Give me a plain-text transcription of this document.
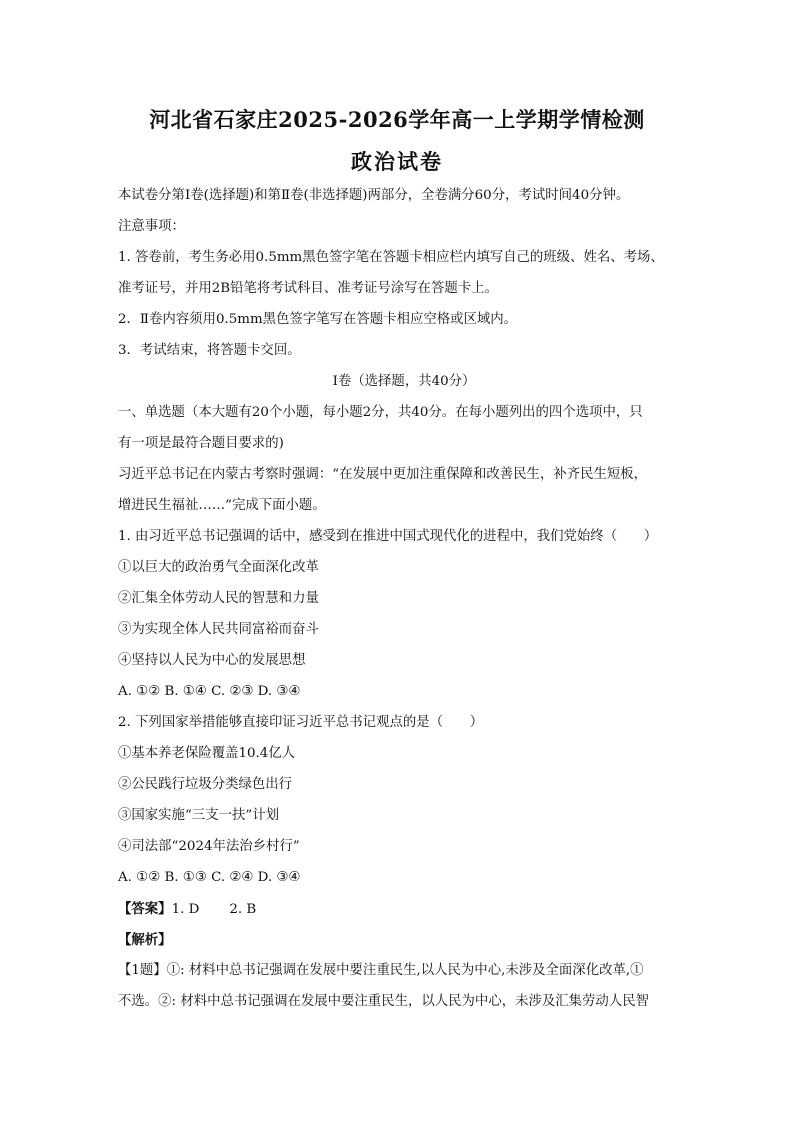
河北省石家庄2025-2026学年高一上学期学情检测
政治试卷
本试卷分第Ⅰ卷(选择题)和第Ⅱ卷(非选择题)两部分，全卷满分60分，考试时间40分钟。
注意事项：
1. 答卷前，考生务必用0.5mm黑色签字笔在答题卡相应栏内填写自己的班级、姓名、考场、
准考证号，并用2B铅笔将考试科目、准考证号涂写在答题卡上。
2．Ⅱ卷内容须用0.5mm黑色签字笔写在答题卡相应空格或区域内。
3．考试结束，将答题卡交回。
Ⅰ卷（选择题，共40分）
一、单选题（本大题有20个小题，每小题2分，共40分。在每小题列出的四个选项中，只
有一项是最符合题目要求的)
习近平总书记在内蒙古考察时强调：“在发展中更加注重保障和改善民生，补齐民生短板，
增进民生福祉……”完成下面小题。
1. 由习近平总书记强调的话中，感受到在推进中国式现代化的进程中，我们党始终（　　）
①以巨大的政治勇气全面深化改革
②汇集全体劳动人民的智慧和力量
③为实现全体人民共同富裕而奋斗
④坚持以人民为中心的发展思想
A. ①② B. ①④ C. ②③ D. ③④
2. 下列国家举措能够直接印证习近平总书记观点的是（　　）
①基本养老保险覆盖10.4亿人
②公民践行垃圾分类绿色出行
③国家实施“三支一扶”计划
④司法部“2024年法治乡村行”
A. ①② B. ①③ C. ②④ D. ③④
【答案】1. D 2. B
【解析】
【1题】①: 材料中总书记强调在发展中要注重民生,以人民为中心,未涉及全面深化改革,①
不选。②: 材料中总书记强调在发展中要注重民生，以人民为中心，未涉及汇集劳动人民智
